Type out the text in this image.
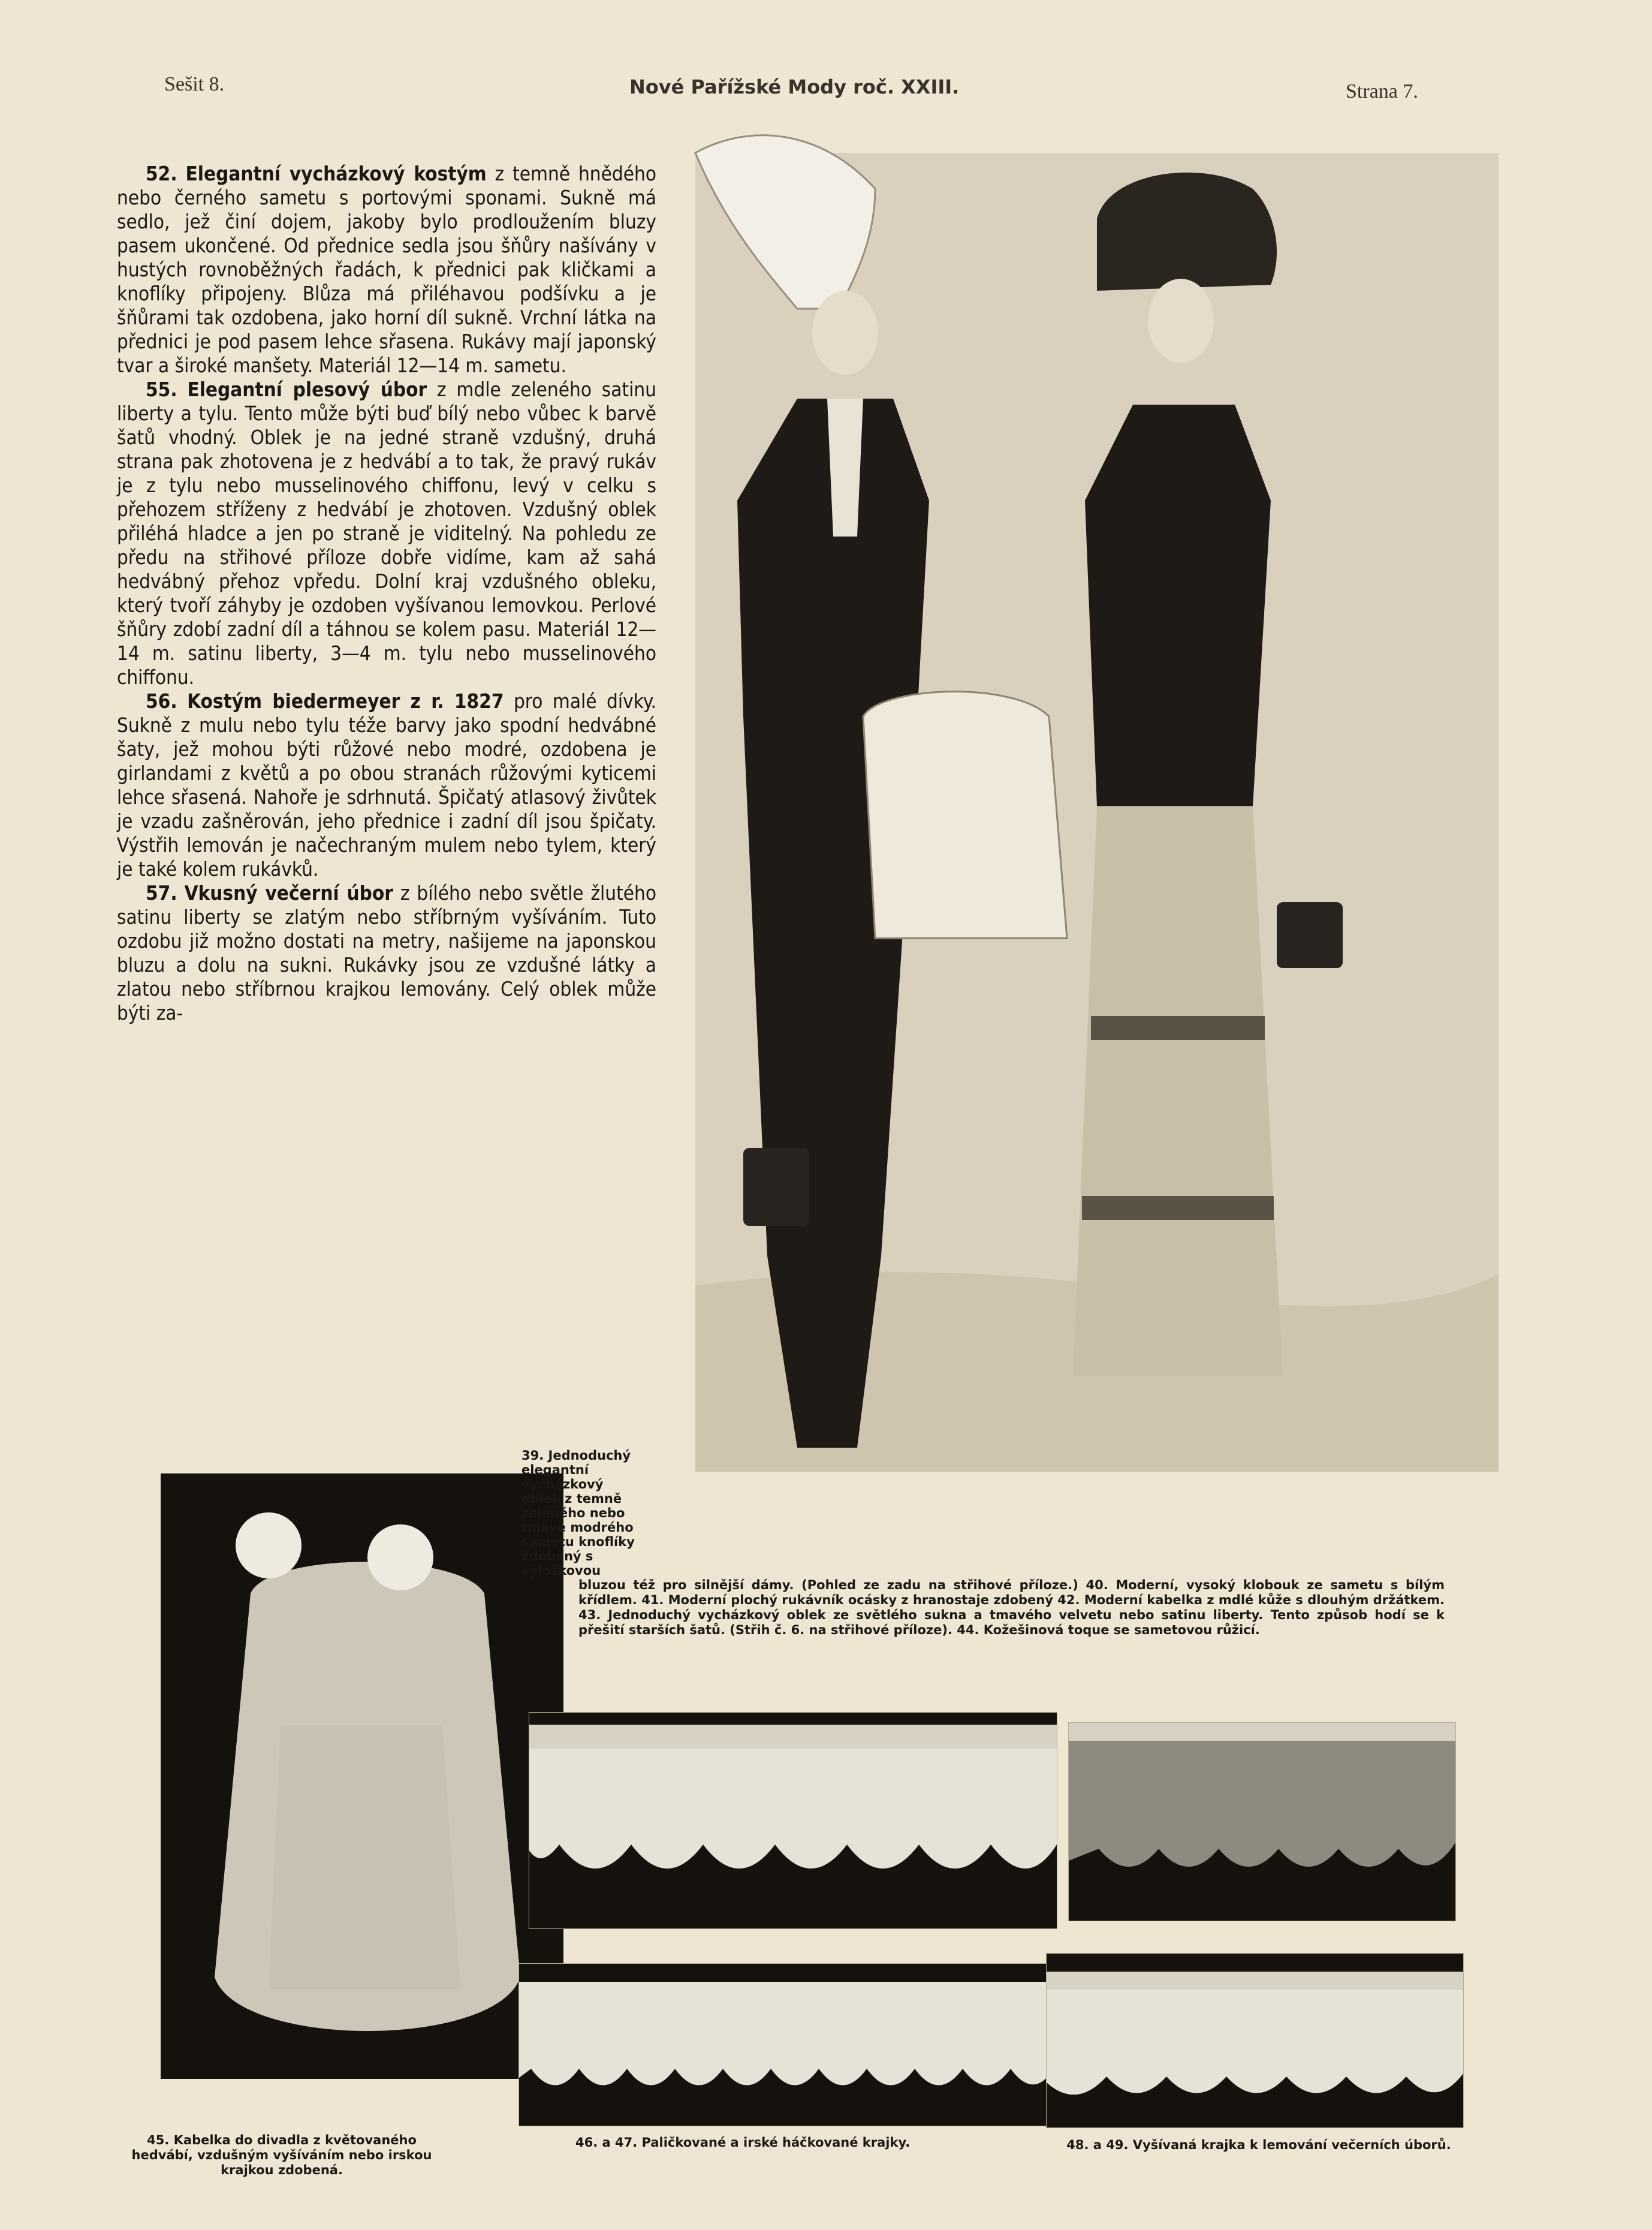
Sešit 8.	Nové Pařížské Mody roč. XXIII.	Strana 7.

52. Elegantní vycházkový kostým z temně hnědého nebo černého sametu s portovými sponami. Sukně má sedlo, jež činí dojem, jakoby bylo prodloužením bluzy pasem ukončené. Od přednice sedla jsou šňůry našívány v hustých rovnoběžných řadách, k přednici pak kličkami a knoflíky připojeny. Blůza má přiléhavou podšívku a je šňůrami tak ozdobena, jako horní díl sukně. Vrchní látka na přednici je pod pasem lehce sřasena. Rukávy mají japonský tvar a široké manšety. Materiál 12—14 m. sametu.

55. Elegantní plesový úbor z mdle zeleného satinu liberty a tylu. Tento může býti buď bílý nebo vůbec k barvě šatů vhodný. Oblek je na jedné straně vzdušný, druhá strana pak zhotovena je z hedvábí a to tak, že pravý rukáv je z tylu nebo musselinového chiffonu, levý v celku s přehozem stříženy z hedvábí je zhotoven. Vzdušný oblek přiléhá hladce a jen po straně je viditelný. Na pohledu ze předu na střihové příloze dobře vidíme, kam až sahá hedvábný přehoz vpředu. Dolní kraj vzdušného obleku, který tvoří záhyby je ozdoben vyšívanou lemovkou. Perlové šňůry zdobí zadní díl a táhnou se kolem pasu. Materiál 12—14 m. satinu liberty, 3—4 m. tylu nebo musselinového chiffonu.

56. Kostým biedermeyer z r. 1827 pro malé dívky. Sukně z mulu nebo tylu téže barvy jako spodní hedvábné šaty, jež mohou býti růžové nebo modré, ozdobena je girlandami z květů a po obou stranách růžovými kyticemi lehce sřasená. Nahoře je sdrhnutá. Špičatý atlasový živůtek je vzadu zašněrován, jeho přednice i zadní díl jsou špičaty. Výstřih lemován je načechraným mulem nebo tylem, který je také kolem rukávků.

57. Vkusný večerní úbor z bílého nebo světle žlutého satinu liberty se zlatým nebo stříbrným vyšíváním. Tuto ozdobu již možno dostati na metry, našijeme na japonskou bluzu a dolu na sukni. Rukávky jsou ze vzdušné látky a zlatou nebo stříbrnou krajkou lemovány. Celý oblek může býti za-

39. Jednoduchý elegantní vycházkový oblek z temně zeleného nebo tmavě modrého sametu knoflíky zdobený s výložkovou
bluzou též pro silnější dámy. (Pohled ze zadu na střihové příloze.) 40. Moderní, vysoký klobouk ze sametu s bílým křídlem. 41. Moderní plochý rukávník ocásky z hranostaje zdobený 42. Moderní kabelka z mdlé kůže s dlouhým držátkem. 43. Jednoduchý vycházkový oblek ze světlého sukna a tmavého velvetu nebo satinu liberty. Tento způsob hodí se k přešití starších šatů. (Střih č. 6. na střihové příloze). 44. Kožešinová toque se sametovou růžicí.
45. Kabelka do divadla z květovaného hedvábí, vzdušným vyšíváním nebo irskou krajkou zdobená.
46. a 47. Paličkované a irské háčkované krajky.	48. a 49. Vyšívaná krajka k lemování večerních úborů.
